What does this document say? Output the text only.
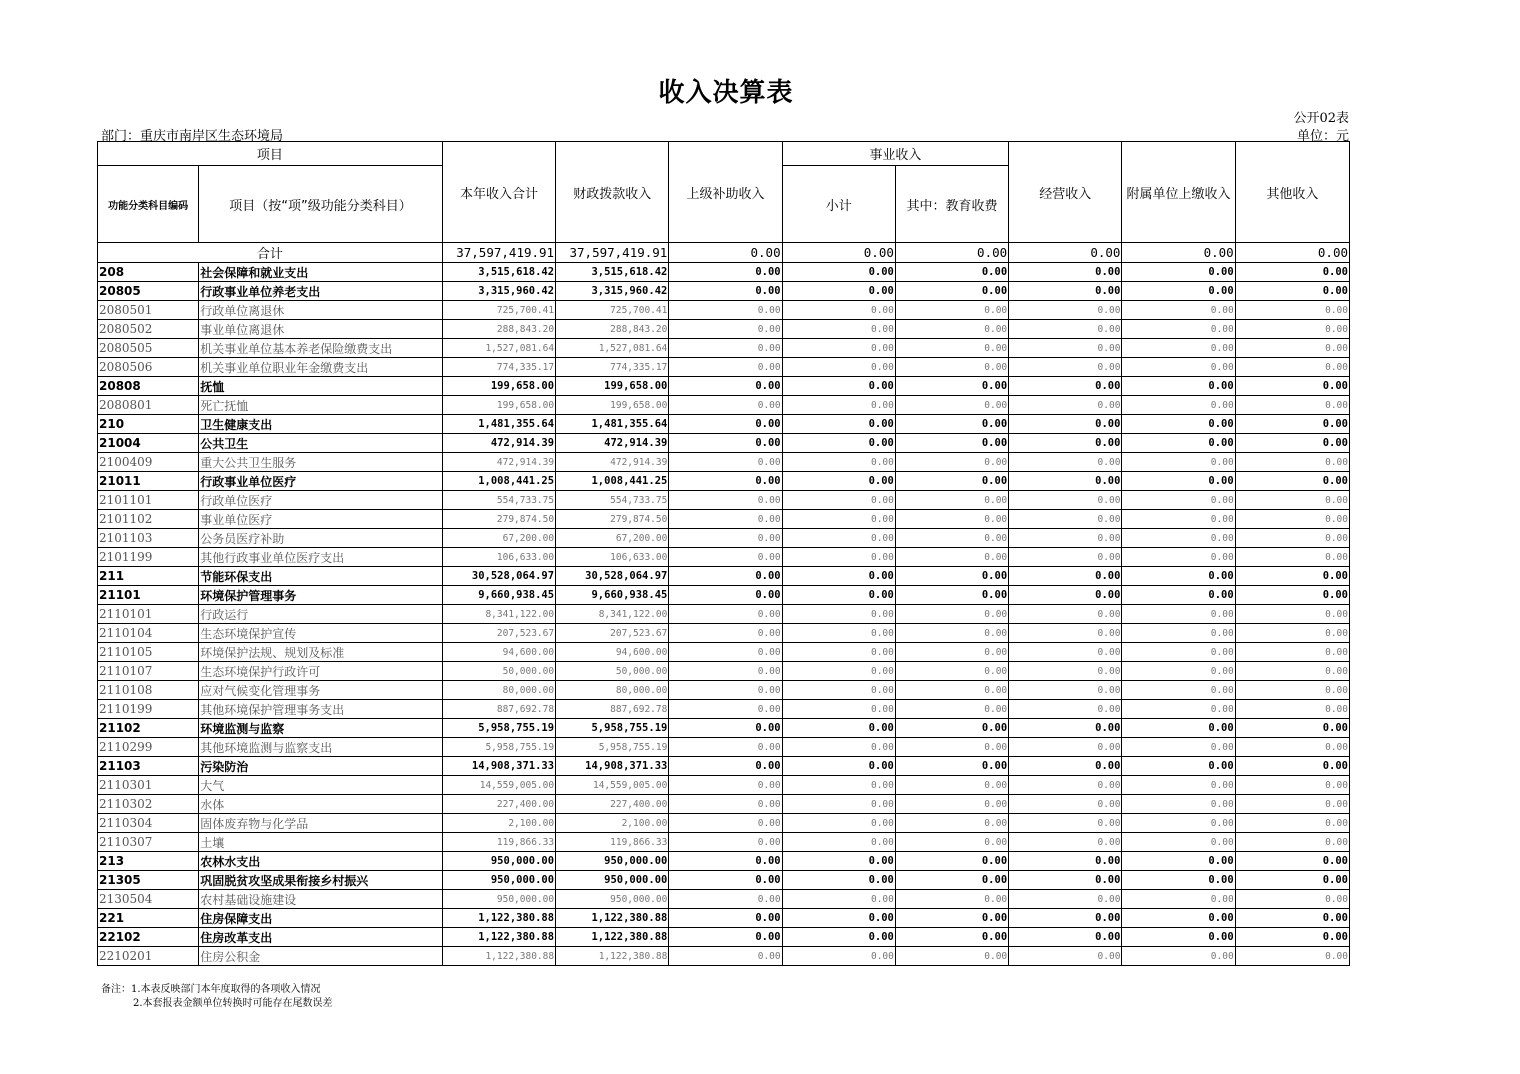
收入决算表
公开02表
部门：重庆市南岸区生态环境局	单位：元
项目		本年收入合计	财政拨款收入	上级补助收入	事业收入		经营收入	附属单位上缴收入	其他收入
功能分类科目编码	项目（按“项”级功能分类科目）				小计	其中：教育收费			
合计		37,597,419.91	37,597,419.91	0.00	0.00	0.00	0.00	0.00	0.00
208	社会保障和就业支出	3,515,618.42	3,515,618.42	0.00	0.00	0.00	0.00	0.00	0.00
20805	行政事业单位养老支出	3,315,960.42	3,315,960.42	0.00	0.00	0.00	0.00	0.00	0.00
2080501	行政单位离退休	725,700.41	725,700.41	0.00	0.00	0.00	0.00	0.00	0.00
2080502	事业单位离退休	288,843.20	288,843.20	0.00	0.00	0.00	0.00	0.00	0.00
2080505	机关事业单位基本养老保险缴费支出	1,527,081.64	1,527,081.64	0.00	0.00	0.00	0.00	0.00	0.00
2080506	机关事业单位职业年金缴费支出	774,335.17	774,335.17	0.00	0.00	0.00	0.00	0.00	0.00
20808	抚恤	199,658.00	199,658.00	0.00	0.00	0.00	0.00	0.00	0.00
2080801	死亡抚恤	199,658.00	199,658.00	0.00	0.00	0.00	0.00	0.00	0.00
210	卫生健康支出	1,481,355.64	1,481,355.64	0.00	0.00	0.00	0.00	0.00	0.00
21004	公共卫生	472,914.39	472,914.39	0.00	0.00	0.00	0.00	0.00	0.00
2100409	重大公共卫生服务	472,914.39	472,914.39	0.00	0.00	0.00	0.00	0.00	0.00
21011	行政事业单位医疗	1,008,441.25	1,008,441.25	0.00	0.00	0.00	0.00	0.00	0.00
2101101	行政单位医疗	554,733.75	554,733.75	0.00	0.00	0.00	0.00	0.00	0.00
2101102	事业单位医疗	279,874.50	279,874.50	0.00	0.00	0.00	0.00	0.00	0.00
2101103	公务员医疗补助	67,200.00	67,200.00	0.00	0.00	0.00	0.00	0.00	0.00
2101199	其他行政事业单位医疗支出	106,633.00	106,633.00	0.00	0.00	0.00	0.00	0.00	0.00
211	节能环保支出	30,528,064.97	30,528,064.97	0.00	0.00	0.00	0.00	0.00	0.00
21101	环境保护管理事务	9,660,938.45	9,660,938.45	0.00	0.00	0.00	0.00	0.00	0.00
2110101	行政运行	8,341,122.00	8,341,122.00	0.00	0.00	0.00	0.00	0.00	0.00
2110104	生态环境保护宣传	207,523.67	207,523.67	0.00	0.00	0.00	0.00	0.00	0.00
2110105	环境保护法规、规划及标准	94,600.00	94,600.00	0.00	0.00	0.00	0.00	0.00	0.00
2110107	生态环境保护行政许可	50,000.00	50,000.00	0.00	0.00	0.00	0.00	0.00	0.00
2110108	应对气候变化管理事务	80,000.00	80,000.00	0.00	0.00	0.00	0.00	0.00	0.00
2110199	其他环境保护管理事务支出	887,692.78	887,692.78	0.00	0.00	0.00	0.00	0.00	0.00
21102	环境监测与监察	5,958,755.19	5,958,755.19	0.00	0.00	0.00	0.00	0.00	0.00
2110299	其他环境监测与监察支出	5,958,755.19	5,958,755.19	0.00	0.00	0.00	0.00	0.00	0.00
21103	污染防治	14,908,371.33	14,908,371.33	0.00	0.00	0.00	0.00	0.00	0.00
2110301	大气	14,559,005.00	14,559,005.00	0.00	0.00	0.00	0.00	0.00	0.00
2110302	水体	227,400.00	227,400.00	0.00	0.00	0.00	0.00	0.00	0.00
2110304	固体废弃物与化学品	2,100.00	2,100.00	0.00	0.00	0.00	0.00	0.00	0.00
2110307	土壤	119,866.33	119,866.33	0.00	0.00	0.00	0.00	0.00	0.00
213	农林水支出	950,000.00	950,000.00	0.00	0.00	0.00	0.00	0.00	0.00
21305	巩固脱贫攻坚成果衔接乡村振兴	950,000.00	950,000.00	0.00	0.00	0.00	0.00	0.00	0.00
2130504	农村基础设施建设	950,000.00	950,000.00	0.00	0.00	0.00	0.00	0.00	0.00
221	住房保障支出	1,122,380.88	1,122,380.88	0.00	0.00	0.00	0.00	0.00	0.00
22102	住房改革支出	1,122,380.88	1,122,380.88	0.00	0.00	0.00	0.00	0.00	0.00
2210201	住房公积金	1,122,380.88	1,122,380.88	0.00	0.00	0.00	0.00	0.00	0.00
备注：1.本表反映部门本年度取得的各项收入情况
2.本套报表金额单位转换时可能存在尾数误差
